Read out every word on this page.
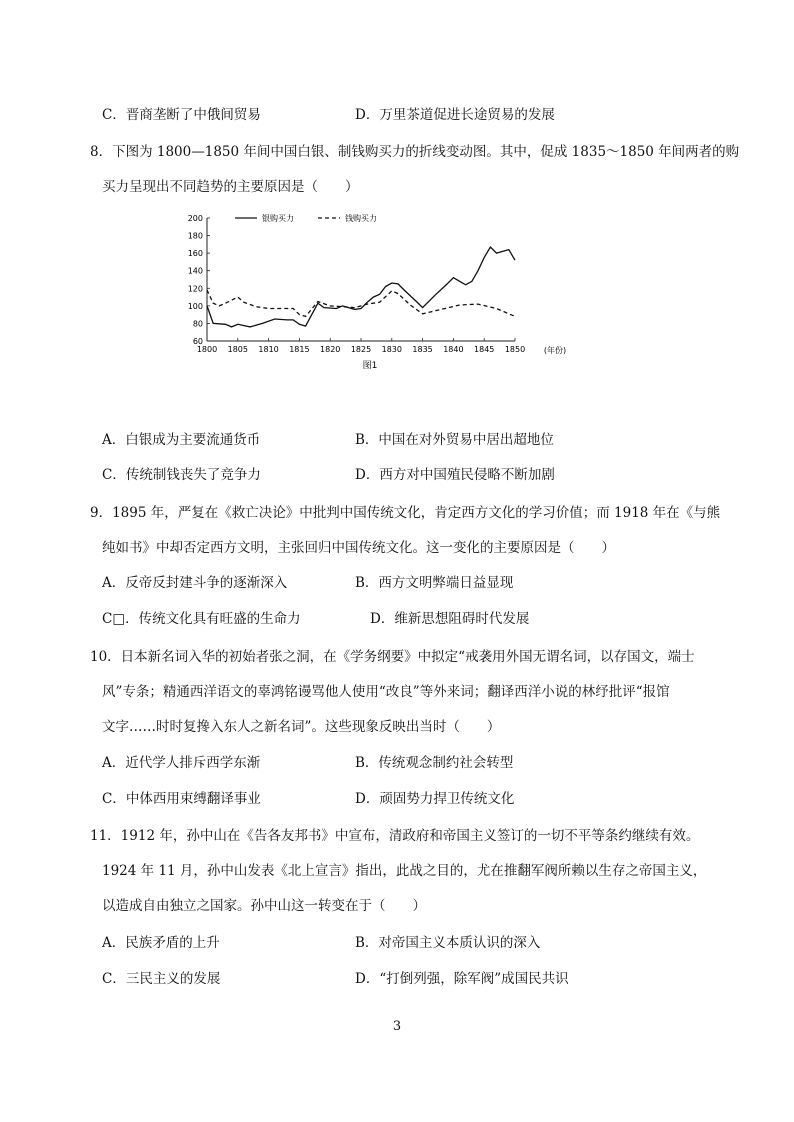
C．晋商垄断了中俄间贸易	D．万里茶道促进长途贸易的发展
8．下图为 1800—1850 年间中国白银、制钱购买力的折线变动图。其中，促成 1835～1850 年间两者的购
买力呈现出不同趋势的主要原因是（　　）
60
80
100
120
140
160
180
200
1800 1805 1810 1815 1820 1825 1830 1835 1840 1845 1850
银购买力	钱购买力
(年份)
图1
A．白银成为主要流通货币	B．中国在对外贸易中居出超地位
C．传统制钱丧失了竞争力	D．西方对中国殖民侵略不断加剧
9．1895 年，严复在《救亡决论》中批判中国传统文化，肯定西方文化的学习价值；而 1918 年在《与熊
纯如书》中却否定西方文明，主张回归中国传统文化。这一变化的主要原因是（　　）
A．反帝反封建斗争的逐渐深入	B．西方文明弊端日益显现
C□．传统文化具有旺盛的生命力	D．维新思想阻碍时代发展
10．日本新名词入华的初始者张之洞，在《学务纲要》中拟定“戒袭用外国无谓名词，以存国文，端士
风”专条；精通西洋语文的辜鸿铭谩骂他人使用“改良”等外来词；翻译西洋小说的林纾批评“报馆
文字……时时复搀入东人之新名词”。这些现象反映出当时（　　）
A．近代学人排斥西学东渐	B．传统观念制约社会转型
C．中体西用束缚翻译事业	D．顽固势力捍卫传统文化
11．1912 年，孙中山在《告各友邦书》中宣布，清政府和帝国主义签订的一切不平等条约继续有效。
1924 年 11 月，孙中山发表《北上宣言》指出，此战之目的，尤在推翻军阀所赖以生存之帝国主义，
以造成自由独立之国家。孙中山这一转变在于（　　）
A．民族矛盾的上升	B．对帝国主义本质认识的深入
C．三民主义的发展	D．“打倒列强，除军阀”成国民共识
3
